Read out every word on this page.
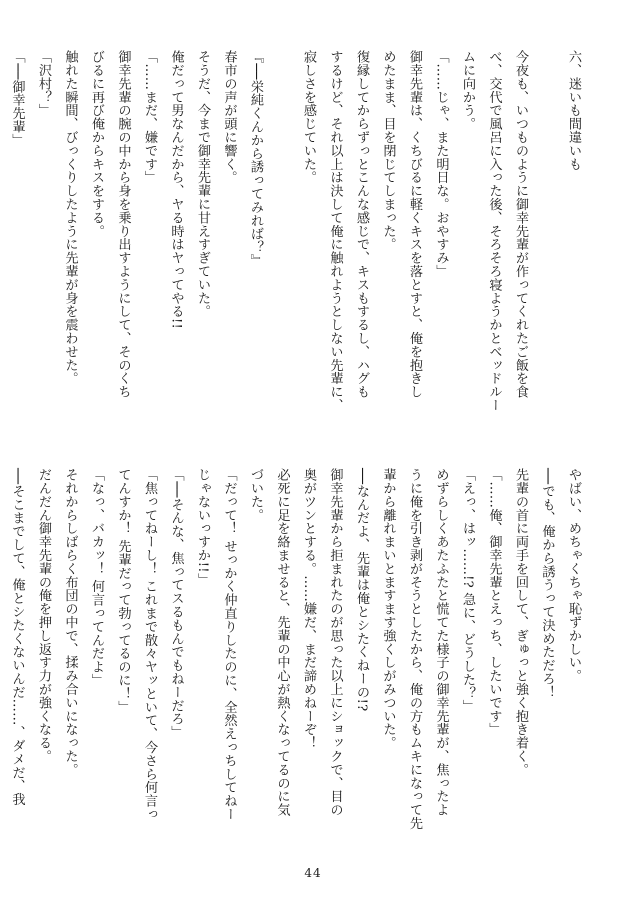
六、迷いも間違いも

今夜も、いつものように御幸先輩が作ってくれたご飯を食

べ、交代で風呂に入った後、そろそろ寝ようかとベッドルー

ムに向かう。

「……じゃ、また明日な。おやすみ」

御幸先輩は、くちびるに軽くキスを落とすと、俺を抱きし

めたまま、目を閉じてしまった。

復縁してからずっとこんな感じで、キスもするし、ハグも

するけど、それ以上は決して俺に触れようとしない先輩に、

寂しさを感じていた。

『──栄純くんから誘ってみれば？』

春市の声が頭に響く。

そうだ、今まで御幸先輩に甘えすぎていた。

俺だって男なんだから、ヤる時はヤってやる!!

「……まだ、嫌です」

御幸先輩の腕の中から身を乗り出すようにして、そのくち

びるに再び俺からキスをする。

触れた瞬間、びっくりしたように先輩が身を震わせた。

「沢村？」

「──御幸先輩」

やばい、めちゃくちゃ恥ずかしい。

──でも、俺から誘うって決めただろ！

先輩の首に両手を回して、ぎゅっと強く抱き着く。

「……俺、御幸先輩とえっち、したいです」

「えっ、はッ……!? 急に、どうした？」

めずらしくあたふたと慌てた様子の御幸先輩が、焦ったよ

うに俺を引き剥がそうとしたから、俺の方もムキになって先

輩から離れまいとますます強くしがみついた。

──なんだよ、先輩は俺とシたくねーの!?

御幸先輩から拒まれたのが思った以上にショックで、目の

奥がツンとする。……嫌だ、まだ諦めねーぞ！

必死に足を絡ませると、先輩の中心が熱くなってるのに気

づいた。

「だって！ せっかく仲直りしたのに、全然えっちしてねー

じゃないっすか!!」

「──そんな、焦ってスるもんでもねーだろ」

「焦ってねーし！ これまで散々ヤッといて、今さら何言っ

てんすか！ 先輩だって勃ってるのに！」

「なっ、バカッ！ 何言ってんだよ」

それからしばらく布団の中で、揉み合いになった。

だんだん御幸先輩の俺を押し返す力が強くなる。

──そこまでして、俺とシたくないんだ……、ダメだ、我

44
